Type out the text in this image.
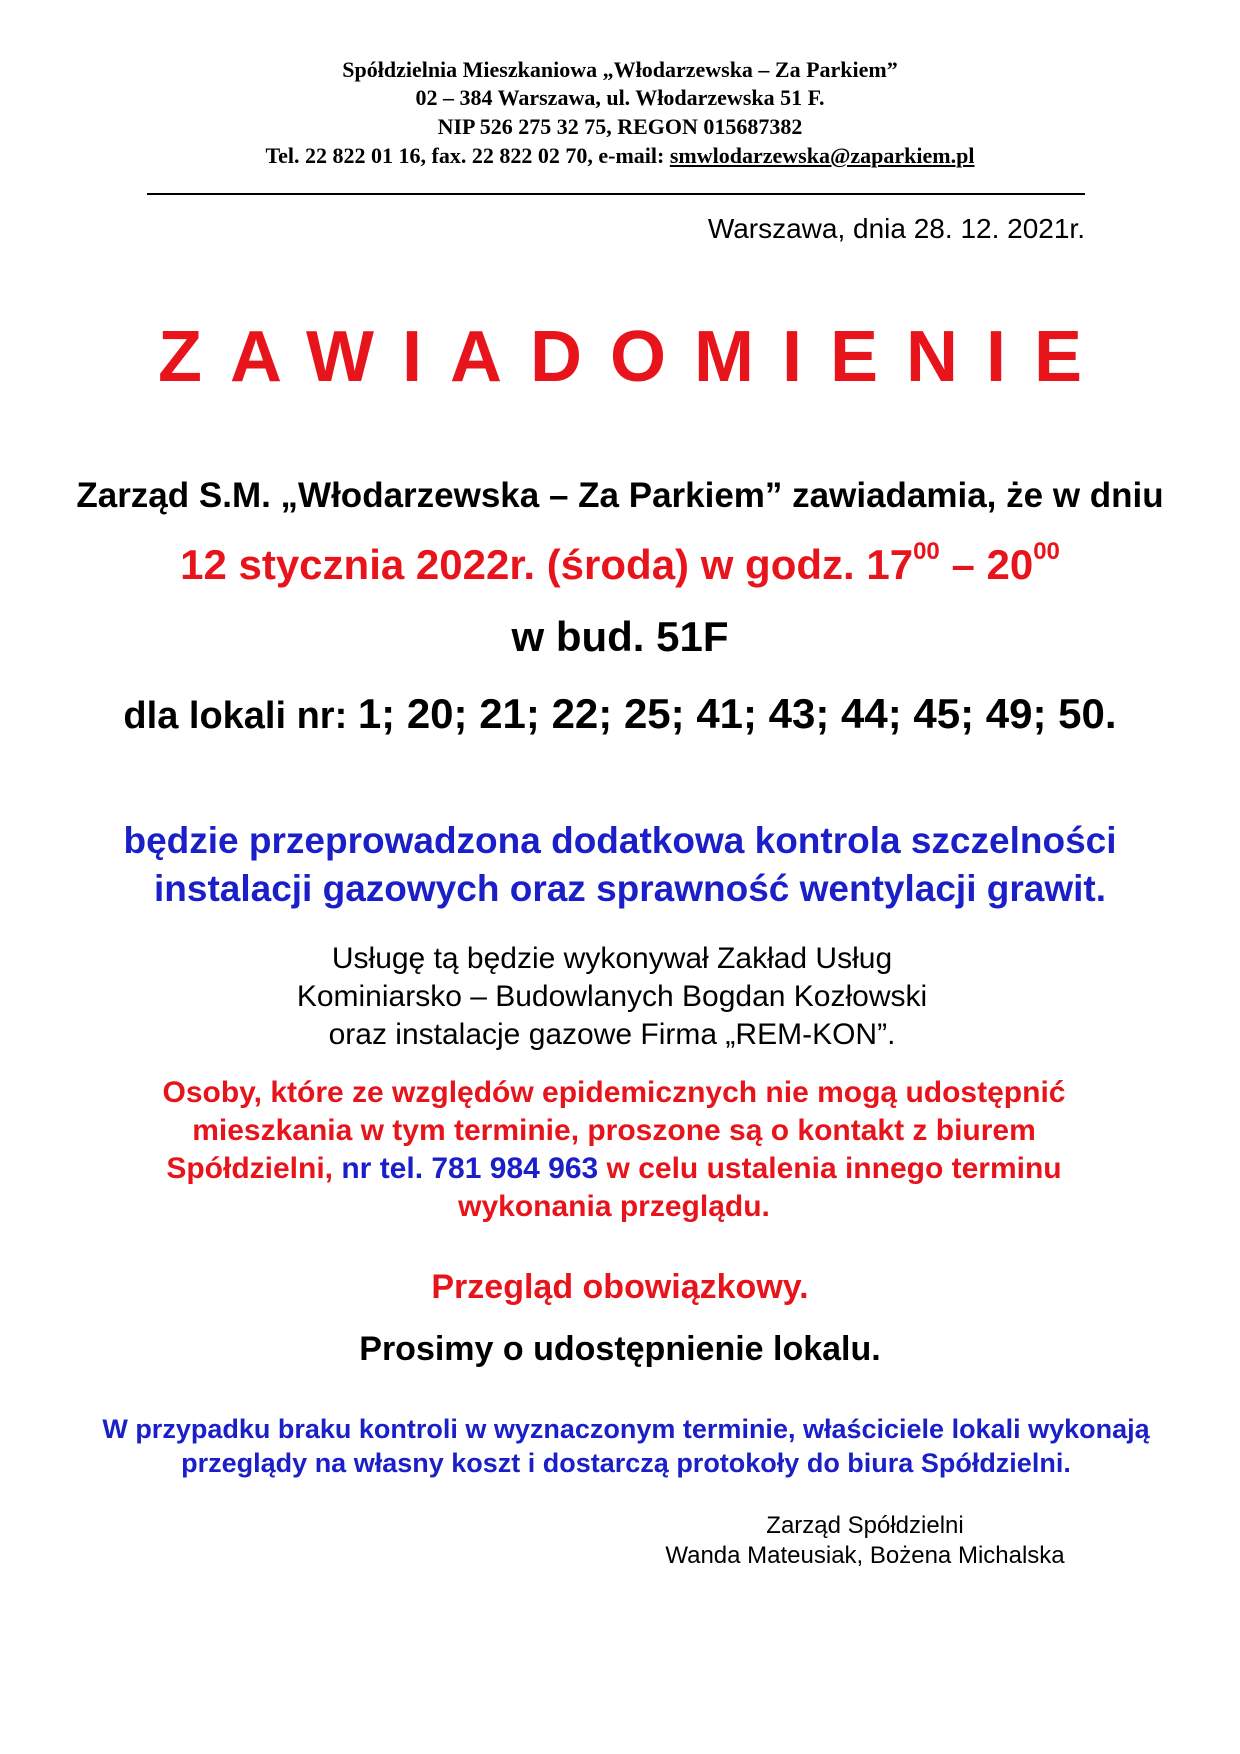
Spółdzielnia Mieszkaniowa „Włodarzewska – Za Parkiem”
02 – 384 Warszawa, ul. Włodarzewska 51 F.
NIP 526 275 32 75, REGON 015687382
Tel. 22 822 01 16, fax. 22 822 02 70, e-mail: smwlodarzewska@zaparkiem.pl
Warszawa, dnia 28. 12. 2021r.
ZAWIADOMIENIE
Zarząd S.M. „Włodarzewska – Za Parkiem” zawiadamia, że w dniu
12 stycznia 2022r. (środa) w godz. $17^{00} - 20^{00}$
w bud. 51F
dla lokali nr: 1; 20; 21; 22; 25; 41; 43; 44; 45; 49; 50.
będzie przeprowadzona dodatkowa kontrola szczelności
instalacji gazowych oraz sprawność wentylacji grawit.
Usługę tą będzie wykonywał Zakład Usług
Kominiarsko – Budowlanych Bogdan Kozłowski
oraz instalacje gazowe Firma „REM-KON”.
Osoby, które ze względów epidemicznych nie mogą udostępnić
mieszkania w tym terminie, proszone są o kontakt z biurem
Spółdzielni, nr tel. 781 984 963 w celu ustalenia innego terminu
wykonania przeglądu.
Przegląd obowiązkowy.
Prosimy o udostępnienie lokalu.
W przypadku braku kontroli w wyznaczonym terminie, właściciele lokali wykonają
przeglądy na własny koszt i dostarczą protokoły do biura Spółdzielni.
Zarząd Spółdzielni
Wanda Mateusiak, Bożena Michalska
